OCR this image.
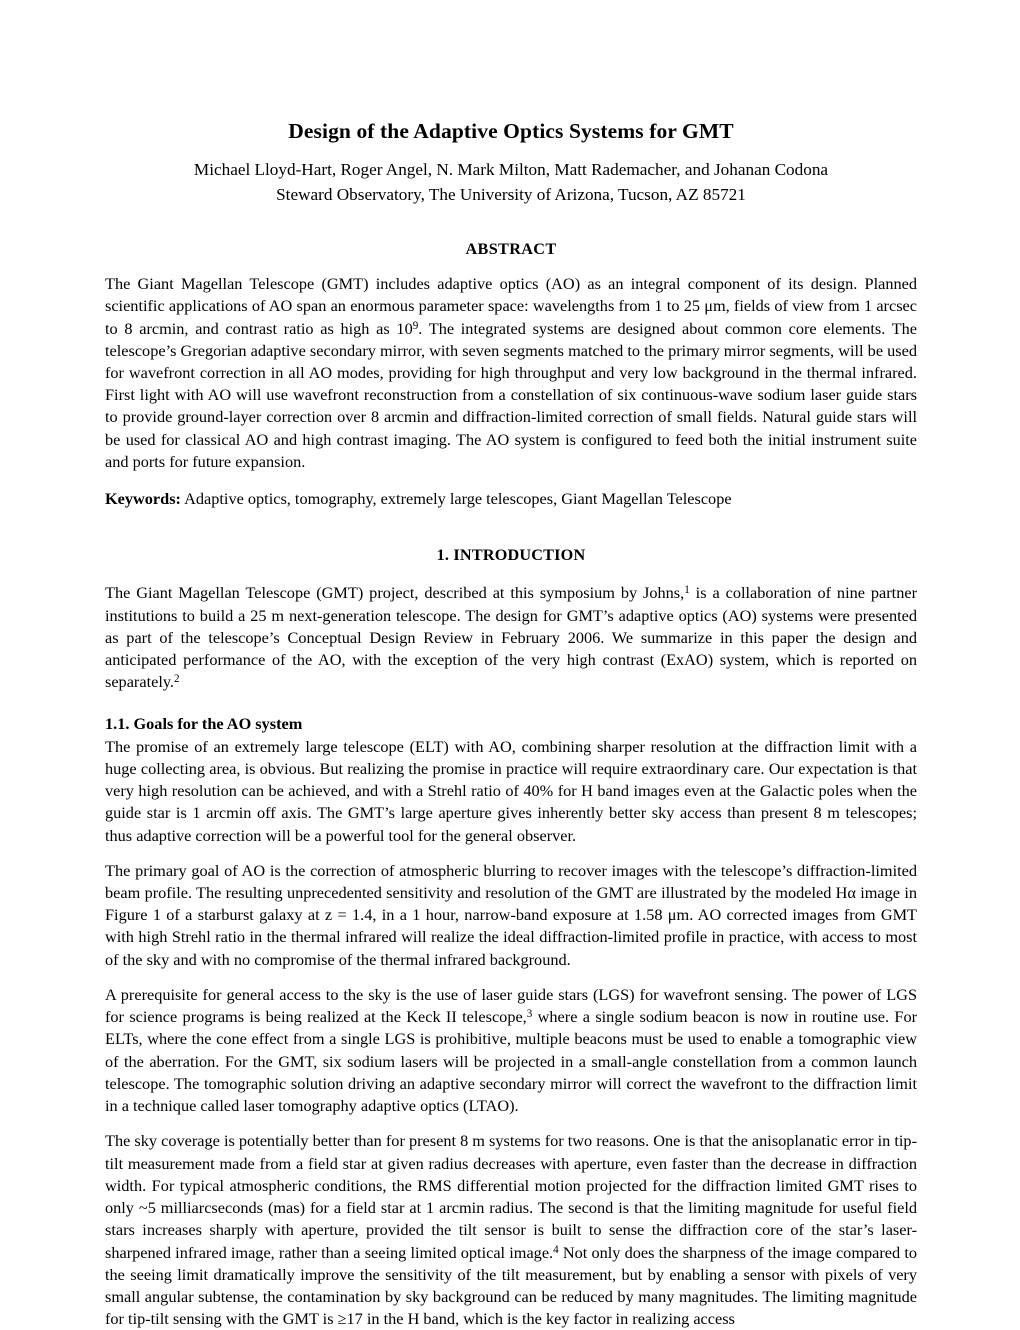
Design of the Adaptive Optics Systems for GMT
Michael Lloyd-Hart, Roger Angel, N. Mark Milton, Matt Rademacher, and Johanan Codona
Steward Observatory, The University of Arizona, Tucson, AZ 85721
ABSTRACT

The Giant Magellan Telescope (GMT) includes adaptive optics (AO) as an integral component of its design. Planned scientific applications of AO span an enormous parameter space: wavelengths from 1 to 25 μm, fields of view from 1 arcsec to 8 arcmin, and contrast ratio as high as $10^9$. The integrated systems are designed about common core elements. The telescope’s Gregorian adaptive secondary mirror, with seven segments matched to the primary mirror segments, will be used for wavefront correction in all AO modes, providing for high throughput and very low background in the thermal infrared. First light with AO will use wavefront reconstruction from a constellation of six continuous-wave sodium laser guide stars to provide ground-layer correction over 8 arcmin and diffraction-limited correction of small fields. Natural guide stars will be used for classical AO and high contrast imaging. The AO system is configured to feed both the initial instrument suite and ports for future expansion.

Keywords: Adaptive optics, tomography, extremely large telescopes, Giant Magellan Telescope

1. INTRODUCTION

The Giant Magellan Telescope (GMT) project, described at this symposium by Johns,$^1$ is a collaboration of nine partner institutions to build a 25 m next-generation telescope. The design for GMT’s adaptive optics (AO) systems were presented as part of the telescope’s Conceptual Design Review in February 2006. We summarize in this paper the design and anticipated performance of the AO, with the exception of the very high contrast (ExAO) system, which is reported on separately.$^2$

1.1. Goals for the AO system

The promise of an extremely large telescope (ELT) with AO, combining sharper resolution at the diffraction limit with a huge collecting area, is obvious. But realizing the promise in practice will require extraordinary care. Our expectation is that very high resolution can be achieved, and with a Strehl ratio of 40% for H band images even at the Galactic poles when the guide star is 1 arcmin off axis. The GMT’s large aperture gives inherently better sky access than present 8 m telescopes; thus adaptive correction will be a powerful tool for the general observer.

The primary goal of AO is the correction of atmospheric blurring to recover images with the telescope’s diffraction-limited beam profile. The resulting unprecedented sensitivity and resolution of the GMT are illustrated by the modeled Hα image in Figure 1 of a starburst galaxy at z = 1.4, in a 1 hour, narrow-band exposure at 1.58 μm. AO corrected images from GMT with high Strehl ratio in the thermal infrared will realize the ideal diffraction-limited profile in practice, with access to most of the sky and with no compromise of the thermal infrared background.

A prerequisite for general access to the sky is the use of laser guide stars (LGS) for wavefront sensing. The power of LGS for science programs is being realized at the Keck II telescope,$^3$ where a single sodium beacon is now in routine use. For ELTs, where the cone effect from a single LGS is prohibitive, multiple beacons must be used to enable a tomographic view of the aberration. For the GMT, six sodium lasers will be projected in a small-angle constellation from a common launch telescope. The tomographic solution driving an adaptive secondary mirror will correct the wavefront to the diffraction limit in a technique called laser tomography adaptive optics (LTAO).

The sky coverage is potentially better than for present 8 m systems for two reasons. One is that the anisoplanatic error in tip-tilt measurement made from a field star at given radius decreases with aperture, even faster than the decrease in diffraction width. For typical atmospheric conditions, the RMS differential motion projected for the diffraction limited GMT rises to only ~5 milliarcseconds (mas) for a field star at 1 arcmin radius. The second is that the limiting magnitude for useful field stars increases sharply with aperture, provided the tilt sensor is built to sense the diffraction core of the star’s laser-sharpened infrared image, rather than a seeing limited optical image.$^4$ Not only does the sharpness of the image compared to the seeing limit dramatically improve the sensitivity of the tilt measurement, but by enabling a sensor with pixels of very small angular subtense, the contamination by sky background can be reduced by many magnitudes. The limiting magnitude for tip-tilt sensing with the GMT is ≥17 in the H band, which is the key factor in realizing access
